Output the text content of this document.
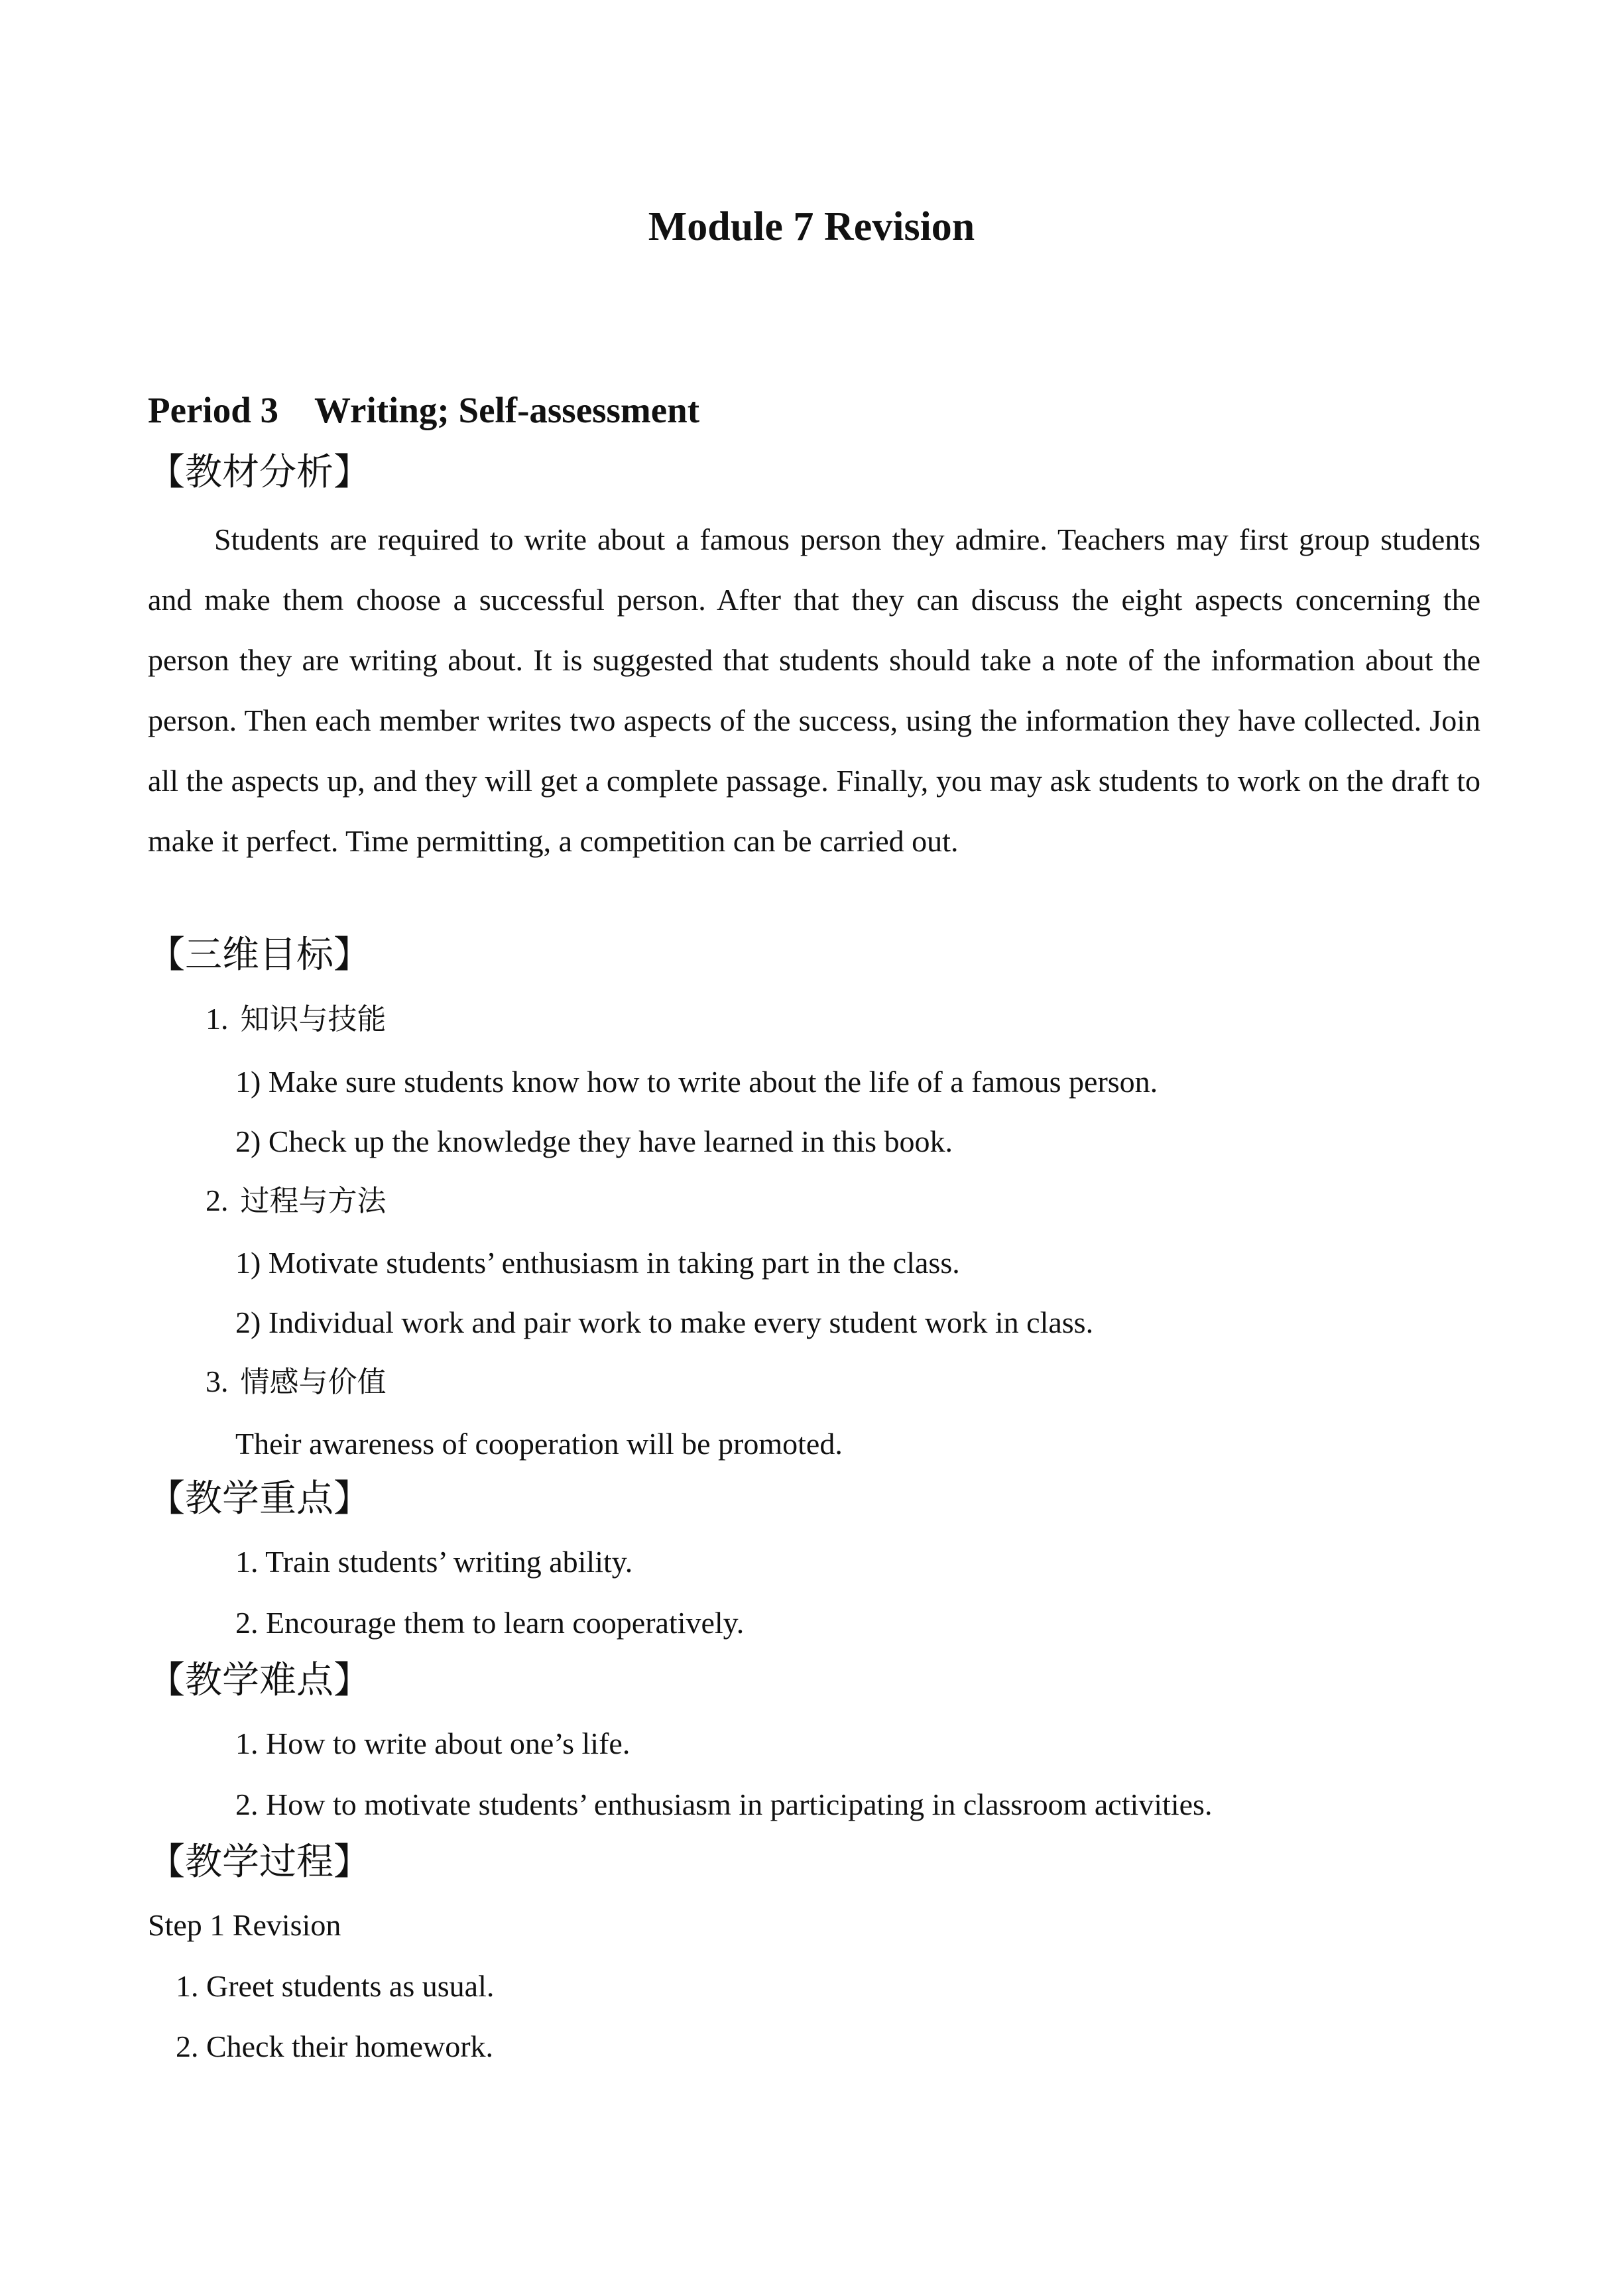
Module 7 Revision
Period 3    Writing; Self-assessment
【教材分析】
Students are required to write about a famous person they admire. Teachers may first group students and make them choose a successful person. After that they can discuss the eight aspects concerning the person they are writing about. It is suggested that students should take a note of the information about the person. Then each member writes two aspects of the success, using the information they have collected. Join all the aspects up, and they will get a complete passage. Finally, you may ask students to work on the draft to make it perfect. Time permitting, a competition can be carried out.
【三维目标】
1. 知识与技能
1) Make sure students know how to write about the life of a famous person.
2) Check up the knowledge they have learned in this book.
2. 过程与方法
1) Motivate students’ enthusiasm in taking part in the class.
2) Individual work and pair work to make every student work in class.
3. 情感与价值
Their awareness of cooperation will be promoted.
【教学重点】
1. Train students’ writing ability.
2. Encourage them to learn cooperatively.
【教学难点】
1. How to write about one’s life.
2. How to motivate students’ enthusiasm in participating in classroom activities.
【教学过程】
Step 1 Revision
1. Greet students as usual.
2. Check their homework.
